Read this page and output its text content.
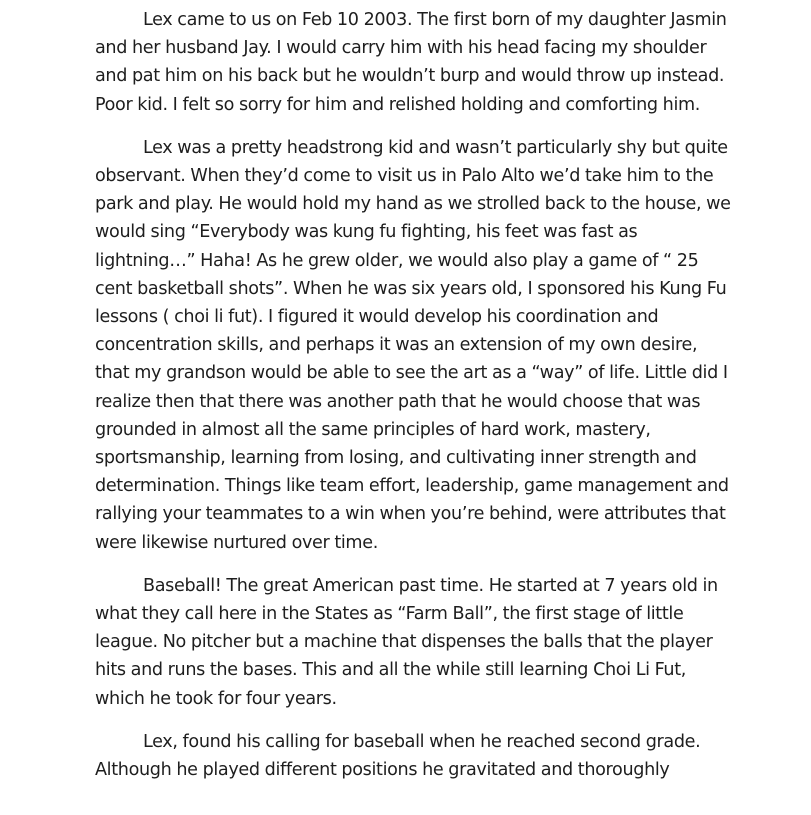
Lex came to us on Feb 10 2003. The first born of my daughter Jasmin and her husband Jay. I would carry him with his head facing my shoulder and pat him on his back but he wouldn’t burp and would throw up instead. Poor kid. I felt so sorry for him and relished holding and comforting him.

Lex was a pretty headstrong kid and wasn’t particularly shy but quite observant. When they’d come to visit us in Palo Alto we’d take him to the park and play. He would hold my hand as we strolled back to the house, we would sing “Everybody was kung fu fighting, his feet was fast as lightning…” Haha! As he grew older, we would also play a game of “ 25 cent basketball shots”. When he was six years old, I sponsored his Kung Fu lessons ( choi li fut). I figured it would develop his coordination and concentration skills, and perhaps it was an extension of my own desire, that my grandson would be able to see the art as a “way” of life. Little did I realize then that there was another path that he would choose that was grounded in almost all the same principles of hard work, mastery, sportsmanship, learning from losing, and cultivating inner strength and determination. Things like team effort, leadership, game management and rallying your teammates to a win when you’re behind, were attributes that were likewise nurtured over time.

Baseball! The great American past time. He started at 7 years old in what they call here in the States as “Farm Ball”, the first stage of little league. No pitcher but a machine that dispenses the balls that the player hits and runs the bases. This and all the while still learning Choi Li Fut, which he took for four years.

Lex, found his calling for baseball when he reached second grade. Although he played different positions he gravitated and thoroughly
